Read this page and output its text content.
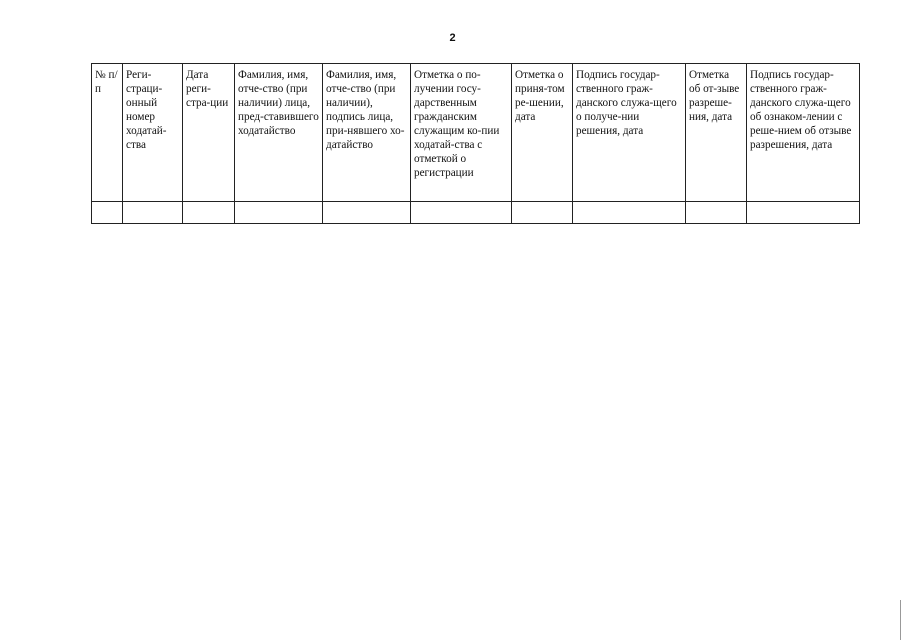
2
№ п/п	Реги-страци-онный номер ходатай-ства	Дата реги-стра-ции	Фамилия, имя, отче-ство (при наличии) лица, пред-ставившего ходатайство	Фамилия, имя, отче-ство (при наличии), подпись лица, при-нявшего хо-датайство	Отметка о по-лучении госу-дарственным гражданским служащим ко-пии ходатай-ства с отметкой о регистрации	Отметка о приня-том ре-шении, дата	Подпись государ-ственного граж-данского служа-щего о получе-нии решения, дата	Отметка об от-зыве разреше-ния, дата	Подпись государ-ственного граж-данского служа-щего об ознаком-лении с реше-нием об отзыве разрешения, дата
